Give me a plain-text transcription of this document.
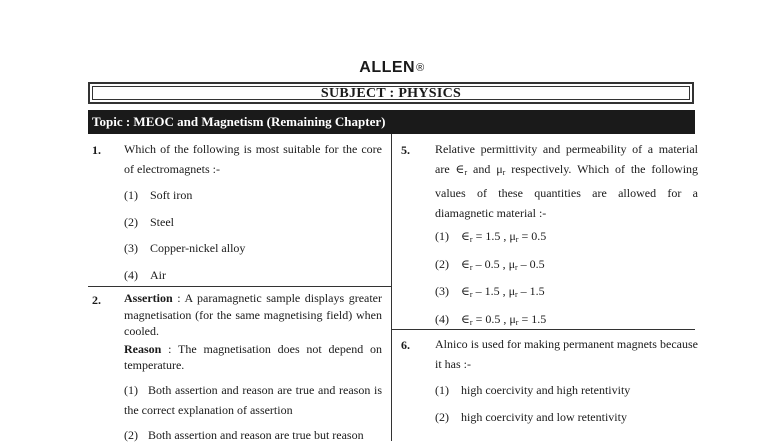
ALLEN®
SUBJECT : PHYSICS
Topic : MEOC and Magnetism (Remaining Chapter)
1. Which of the following is most suitable for the core of electromagnets :-
(1) Soft iron
(2) Steel
(3) Copper-nickel alloy
(4) Air
2. Assertion : A paramagnetic sample displays greater magnetisation (for the same magnetising field) when cooled.
Reason : The magnetisation does not depend on temperature.
(1) Both assertion and reason are true and reason is the correct explanation of assertion
(2) Both assertion and reason are true but reason
5. Relative permittivity and permeability of a material are $\in_r$ and $\mu_r$ respectively. Which of the following values of these quantities are allowed for a diamagnetic material :-
(1) $\in_r = 1.5$ , $\mu_r = 0.5$
(2) $\in_r - 0.5$ , $\mu_r - 0.5$
(3) $\in_r - 1.5$ , $\mu_r - 1.5$
(4) $\in_r = 0.5$ , $\mu_r = 1.5$
6. Alnico is used for making permanent magnets because it has :-
(1) high coercivity and high retentivity
(2) high coercivity and low retentivity
